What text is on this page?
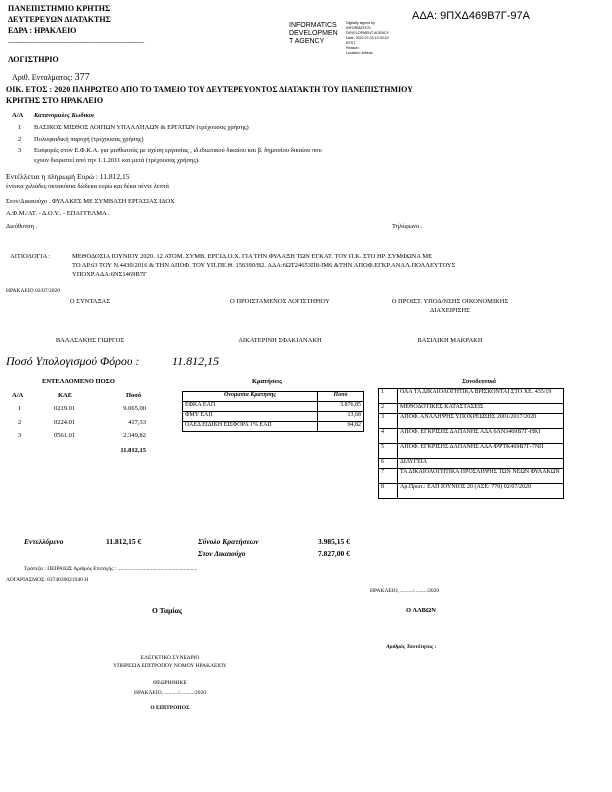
ΠΑΝΕΠΙΣΤΗΜΙΟ ΚΡΗΤΗΣ
ΔΕΥΤΕΡΕΥΩΝ ΔΙΑΤΑΚΤΗΣ
ΕΔΡΑ : ΗΡΑΚΛΕΙΟ
-------------------------------------------------------------------------
ΛΟΓΙΣΤΗΡΙΟ
INFORMATICS
DEVELOPMEN
T AGENCY
Digitally signed by
INFORMATICS
DEVELOPMENT AGENCY
Date: 2020.07.03 10:39:42
EEST
Reason:
Location: Athens
ΑΔΑ: 9ΠΧΔ469Β7Γ-97Α
Αριθ. Ενταλματος: 377
ΟΙΚ. ΕΤΟΣ : 2020 ΠΛΗΡΩΤΕΟ ΑΠΟ ΤΟ ΤΑΜΕΙΟ ΤΟΥ ΔΕΥΤΕΡΕΥΟΝΤΟΣ ΔΙΑΤΑΚΤΗ ΤΟΥ ΠΑΝΕΠΙΣΤΗΜΙΟΥ
ΚΡΗΤΗΣ ΣΤΟ ΗΡΑΚΛΕΙΟ
Α/Α Κατανομαλες Κωδικοι
1 ΒΑΣΙΚΟΣ ΜΙΣΘΟΣ ΛΟΙΠΩΝ ΥΠΑΛΛΗΛΩΝ & ΕΡΓΑΤΩΝ (τρέχουσας χρήσης)
2 Πολυφαιδική παροχή (τρέχουσας χρήσης)
3 Εισφορές στον Ε.Φ.Κ.Α. για μισθωτούς με σχέση εργασίας , ιδ.ιδιωτικού δικαίου και β. δημοσίου δικαίου που
εχουν διοριστεί από την 1.1.2011 και μετά (τρέχουσας χρήσης).
Εντέλλεται η πληρωμή Ευρώ : 11.812,15
έντεκα χιλιάδες οκτακόσια δώδεκα ευρώ και δέκα πέντε λεπτά
Στον/Δικαιούχο . ΦΥΛΑΚΕΣ ΜΕ ΣΥΜΒΑΣΗ ΕΡΓΑΣΙΑΣ ΙΔΟΧ
Α.Φ.Μ./ΑΤ. - Δ.Ο.Υ.. - ΕΠΑΓΓΕΛΜΑ .
Διεύθυνση .	Τηλέφωνο .
ΑΙΤΙΟΛΟΓΙΑ :	ΜΕΘΟΔΟΣΙΑ ΙΟΥΝΙΟΥ 2020. 12 ΑΤΟΜ. ΣΥΜΒ. ΕΡΓ.ΙΔ.Ο.Χ. ΓΙΑ ΤΗΝ ΦΥΛΑΞΗ ΤΩΝ ΕΓΚΑΤ. ΤΟΥ Π.Κ. ΣΤΟ ΗΡ. ΣΥΜΦΩΝΑ ΜΕ
ΤΟ ΑΡ.63 ΤΟΥ Ν.4430/2016 & ΤΗΝ ΑΠΟΦ. ΤΟΥ ΥΠ.ΠΕ.Θ. 156390/Β2. ΑΔΑ:6ΩΤ24653Π8-ΙΜ6 &ΤΗΝ ΑΠΟΦ.ΕΓΚΡ.ΑΝΑΛ.ΠΟΛΛΕΥΤΟΥΣ
ΥΠΟΧΡ.ΑΔΑ:6ΝΣ1469Β7Γ
ΗΡΑΚΛΕΙΟ 02/07/2020
Ο ΣΥΝΤΑΞΑΣ	Ο ΠΡΟΙΣΤΑΜΕΝΟΣ ΛΟΓΙΣΤΗΡΙΟΥ	Ο ΠΡΟΙΣΤ. ΥΠΟΔ/ΝΣΗΣ ΟΙΚΟΝΟΜΙΚΗΣ
ΔΙΑΧΕΙΡΙΣΗΣ
ΒΑΛΑΣΑΚΗΣ ΓΙΩΡΓΟΣ	ΑΙΚΑΤΕΡΙΝΗ ΣΦΑΚΙΑΝΑΚΗ	ΒΑΣΙΛΙΚΗ ΜΑΚΡΑΚΗ
Ποσό Υπολογισμού Φόρου :	11.812,15
ΕΝΤΕΛΛΟΜΕΝΟ ΠΟΣΟ
Α/Α	ΚΑΕ	Ποσό
1	0219.01	9.065,00
2	0224.01	417,33
3	0561.01	2.349,82
11.812,15
Κρατήσεις
Ονομασία Κράτησης	Ποσό
ΕΦΚΑ ΕΑΠ	3.876,85
ΦΜΥ ΕΑΠ	13,68
ΟΑΕΔ ΕΙΔΙΚΗ ΕΙΣΦΟΡΑ 1% ΕΑΠ	94,82
Συνοδευτικά
1	ΟΛΑ ΤΑ ΔΙΚΑΙΟΛΟΓΗΤΙΚΑ ΒΡΙΣΚΟΝΤΑΙ ΣΤΟ ΧΕ. 435/19
2	ΜΕΘΟΔΟΤΙΚΕΣ ΚΑΤΑΣΤΑΣΕΙΣ
3	ΑΠΟΦ. ΑΝΑΛΗΨΗΣ ΥΠΟΧΡΕΩΣΗΣ 2001/2017/2020
4	ΑΠΟΦ. ΕΓΚΡΙΣΗΣ ΔΑΠΑΝΗΣ ΑΔΑ 6ΛΝ3469Β7Γ-ΗΚΙ
5	ΑΠΟΦ. ΕΓΚΡΙΣΗΣ ΔΑΠΑΝΗΣ ΑΔΑ ΦΨΤΚ469Β7Γ-7ΝΠ
6	ΔΙΑΥΓΕΙΑ
7	ΤΑ ΔΙΚΑΙΟΛΟΓΗΤΙΚΑ ΠΡΟΣΛΗΨΗΣ ΤΩΝ ΝΕΩΝ ΦΥΛΑΚΩΝ
8	Αρ.Πρωτ.: ΕΑΠ ΙΟΥΝΙΟΣ 20 (ΑΣΕ: 770) 02/07/2020
Εντελλόμενο	11.812,15 €	Σύνολο Κρατήσεων	3.985,15 €
Στον Δικαιούχο	7.827,00 €
Τράπεζα : ΠΕΙΡΑΙΩΣ Αριθμός Επιταγής : ..........................................................
ΛΟΓΑΡΙΑΣΜΟΣ: 6374030021940 Η
ΗΡΑΚΛΕΙΟ, ........./........./2020
Ο Ταμίας	Ο ΛΑΒΩΝ
Αριθμός Ταυτότητας :
ΕΛΕΓΚΤΙΚΟ ΣΥΝΕΔΡΙΟ
ΥΠΗΡΕΣΙΑ ΕΠΙΤΡΟΠΟΥ ΝΟΜΟΥ ΗΡΑΚΛΕΙΟΥ
ΘΕΩΡΗΘΗΚΕ
ΗΡΑΚΛΕΙΟ, ........../........../2020
Ο ΕΠΙΤΡΟΠΟΣ
